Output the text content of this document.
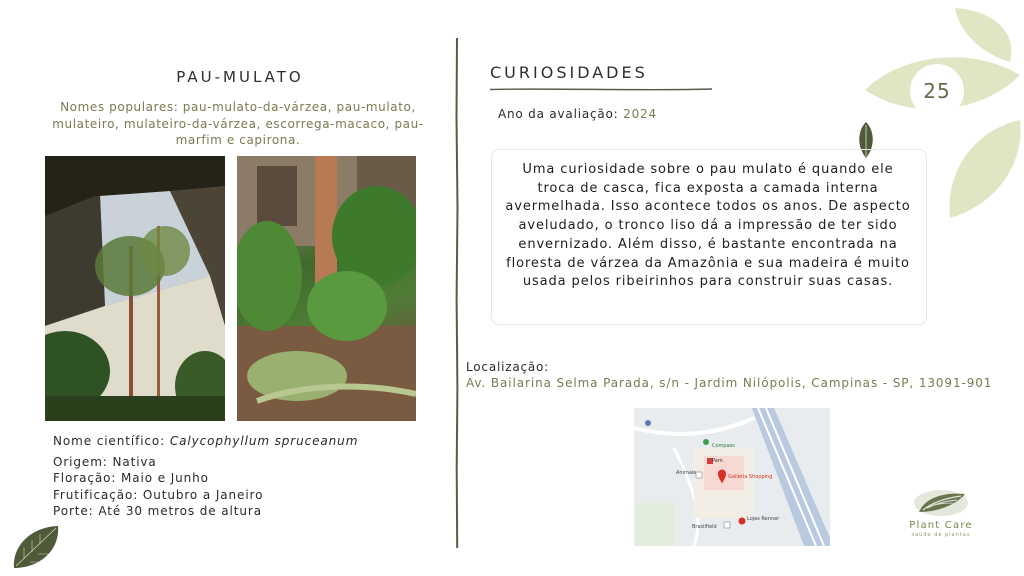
25
PAU-MULATO
Nomes populares: pau-mulato-da-várzea, pau-mulato, mulateiro, mulateiro-da-várzea, escorrega-macaco, pau-marfim e capirona.
Nome científico: Calycophyllum spruceanum
Origem: Nativa
Floração: Maio e Junho
Frutificação: Outubro a Janeiro
Porte: Até 30 metros de altura
CURIOSIDADES
Ano da avaliação: 2024
Uma curiosidade sobre o pau mulato é quando ele troca de casca, fica exposta a camada interna avermelhada. Isso acontece todos os anos. De aspecto aveludado, o tronco liso dá a impressão de ter sido envernizado. Além disso, é bastante encontrada na floresta de várzea da Amazônia e sua madeira é muito usada pelos ribeirinhos para construir suas casas.
Localização:
Av. Bailarina Selma Parada, s/n - Jardim Nilópolis, Campinas - SP, 13091-901
Pam
Compass
Galleria Shopping
Animale
Lojas Renner
Brasilfield	Plant Care
saúde de plantas
